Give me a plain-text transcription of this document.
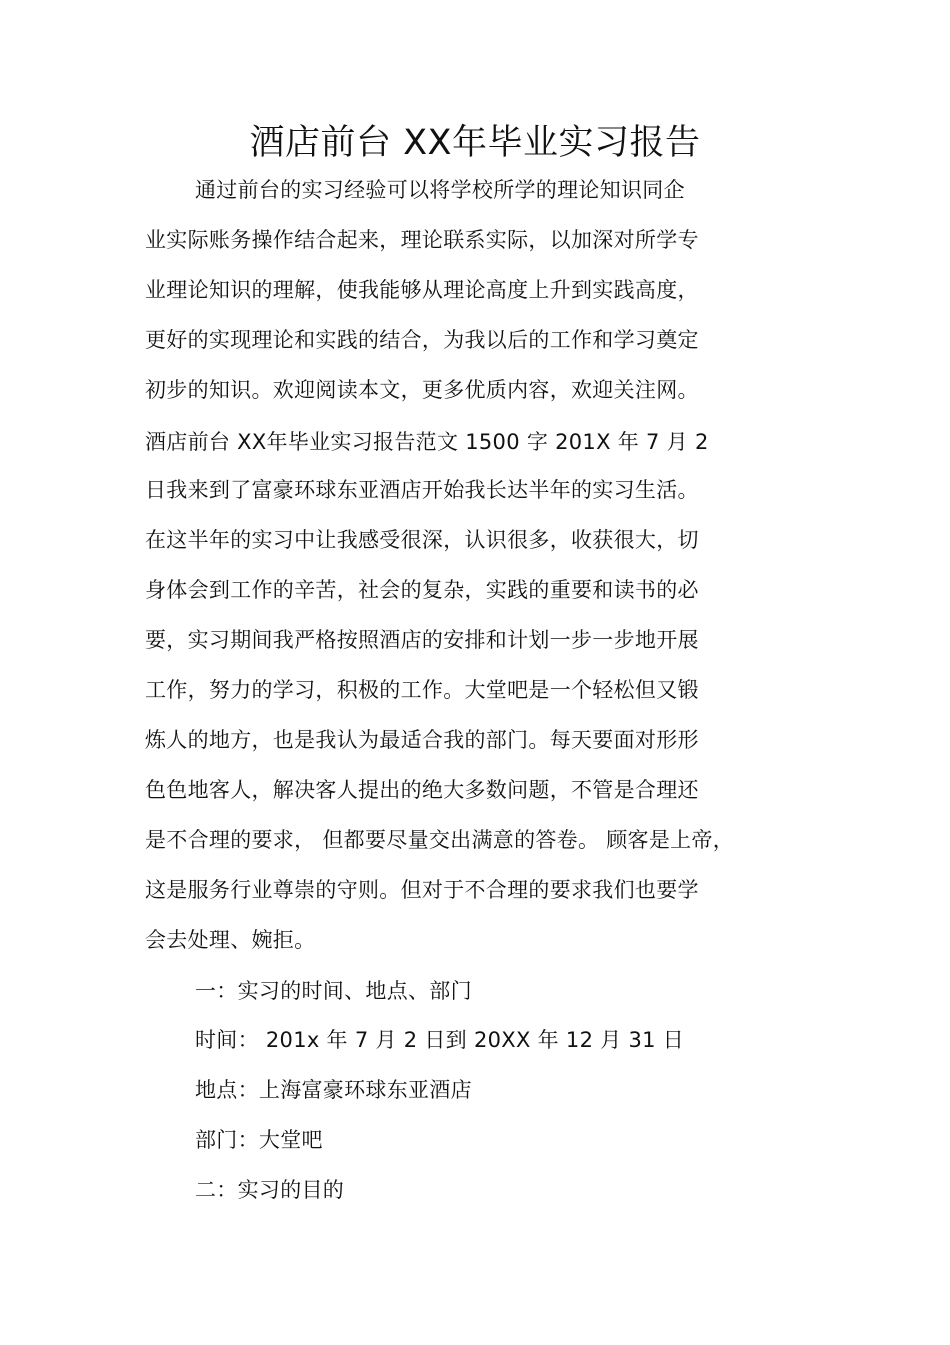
酒店前台 XX年毕业实习报告
通过前台的实习经验可以将学校所学的理论知识同企
业实际账务操作结合起来，理论联系实际，以加深对所学专
业理论知识的理解，使我能够从理论高度上升到实践高度，
更好的实现理论和实践的结合，为我以后的工作和学习奠定
初步的知识。欢迎阅读本文，更多优质内容，欢迎关注网。
酒店前台 XX年毕业实习报告范文 1500 字 201X 年 7 月 2
日我来到了富豪环球东亚酒店开始我长达半年的实习生活。
在这半年的实习中让我感受很深，认识很多，收获很大，切
身体会到工作的辛苦，社会的复杂，实践的重要和读书的必
要，实习期间我严格按照酒店的安排和计划一步一步地开展
工作，努力的学习，积极的工作。大堂吧是一个轻松但又锻
炼人的地方，也是我认为最适合我的部门。每天要面对形形
色色地客人，解决客人提出的绝大多数问题，不管是合理还
是不合理的要求， 但都要尽量交出满意的答卷。 顾客是上帝，
这是服务行业尊崇的守则。但对于不合理的要求我们也要学
会去处理、婉拒。
一：实习的时间、地点、部门
时间： 201x 年 7 月 2 日到 20XX 年 12 月 31 日
地点：上海富豪环球东亚酒店
部门：大堂吧
二：实习的目的
